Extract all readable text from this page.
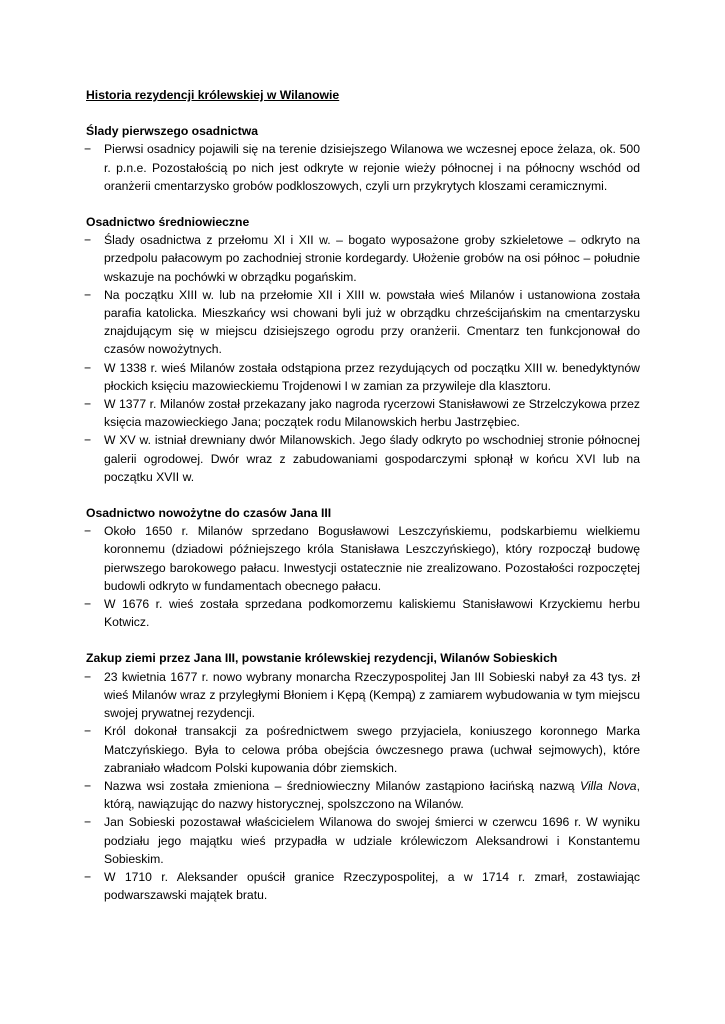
Historia rezydencji królewskiej w Wilanowie

Ślady pierwszego osadnictwa

− Pierwsi osadnicy pojawili się na terenie dzisiejszego Wilanowa we wczesnej epoce żelaza, ok. 500 r. p.n.e. Pozostałością po nich jest odkryte w rejonie wieży północnej i na północny wschód od oranżerii cmentarzysko grobów podkloszowych, czyli urn przykrytych kloszami ceramicznymi.

Osadnictwo średniowieczne

− Ślady osadnictwa z przełomu XI i XII w. – bogato wyposażone groby szkieletowe – odkryto na przedpolu pałacowym po zachodniej stronie kordegardy. Ułożenie grobów na osi północ – południe wskazuje na pochówki w obrządku pogańskim.
− Na początku XIII w. lub na przełomie XII i XIII w. powstała wieś Milanów i ustanowiona została parafia katolicka. Mieszkańcy wsi chowani byli już w obrządku chrześcijańskim na cmentarzysku znajdującym się w miejscu dzisiejszego ogrodu przy oranżerii. Cmentarz ten funkcjonował do czasów nowożytnych.
− W 1338 r. wieś Milanów została odstąpiona przez rezydujących od początku XIII w. benedyktynów płockich księciu mazowieckiemu Trojdenowi I w zamian za przywileje dla klasztoru.
− W 1377 r. Milanów został przekazany jako nagroda rycerzowi Stanisławowi ze Strzelczykowa przez księcia mazowieckiego Jana; początek rodu Milanowskich herbu Jastrzębiec.
− W XV w. istniał drewniany dwór Milanowskich. Jego ślady odkryto po wschodniej stronie północnej galerii ogrodowej. Dwór wraz z zabudowaniami gospodarczymi spłonął w końcu XVI lub na początku XVII w.

Osadnictwo nowożytne do czasów Jana III

− Około 1650 r. Milanów sprzedano Bogusławowi Leszczyńskiemu, podskarbiemu wielkiemu koronnemu (dziadowi późniejszego króla Stanisława Leszczyńskiego), który rozpoczął budowę pierwszego barokowego pałacu. Inwestycji ostatecznie nie zrealizowano. Pozostałości rozpoczętej budowli odkryto w fundamentach obecnego pałacu.
− W 1676 r. wieś została sprzedana podkomorzemu kaliskiemu Stanisławowi Krzyckiemu herbu Kotwicz.

Zakup ziemi przez Jana III, powstanie królewskiej rezydencji, Wilanów Sobieskich

− 23 kwietnia 1677 r. nowo wybrany monarcha Rzeczypospolitej Jan III Sobieski nabył za 43 tys. zł wieś Milanów wraz z przyległymi Błoniem i Kępą (Kempą) z zamiarem wybudowania w tym miejscu swojej prywatnej rezydencji.
− Król dokonał transakcji za pośrednictwem swego przyjaciela, koniuszego koronnego Marka Matczyńskiego. Była to celowa próba obejścia ówczesnego prawa (uchwał sejmowych), które zabraniało władcom Polski kupowania dóbr ziemskich.
− Nazwa wsi została zmieniona – średniowieczny Milanów zastąpiono łacińską nazwą Villa Nova, którą, nawiązując do nazwy historycznej, spolszczono na Wilanów.
− Jan Sobieski pozostawał właścicielem Wilanowa do swojej śmierci w czerwcu 1696 r. W wyniku podziału jego majątku wieś przypadła w udziale królewiczom Aleksandrowi i Konstantemu Sobieskim.
− W 1710 r. Aleksander opuścił granice Rzeczypospolitej, a w 1714 r. zmarł, zostawiając podwarszawski majątek bratu.
